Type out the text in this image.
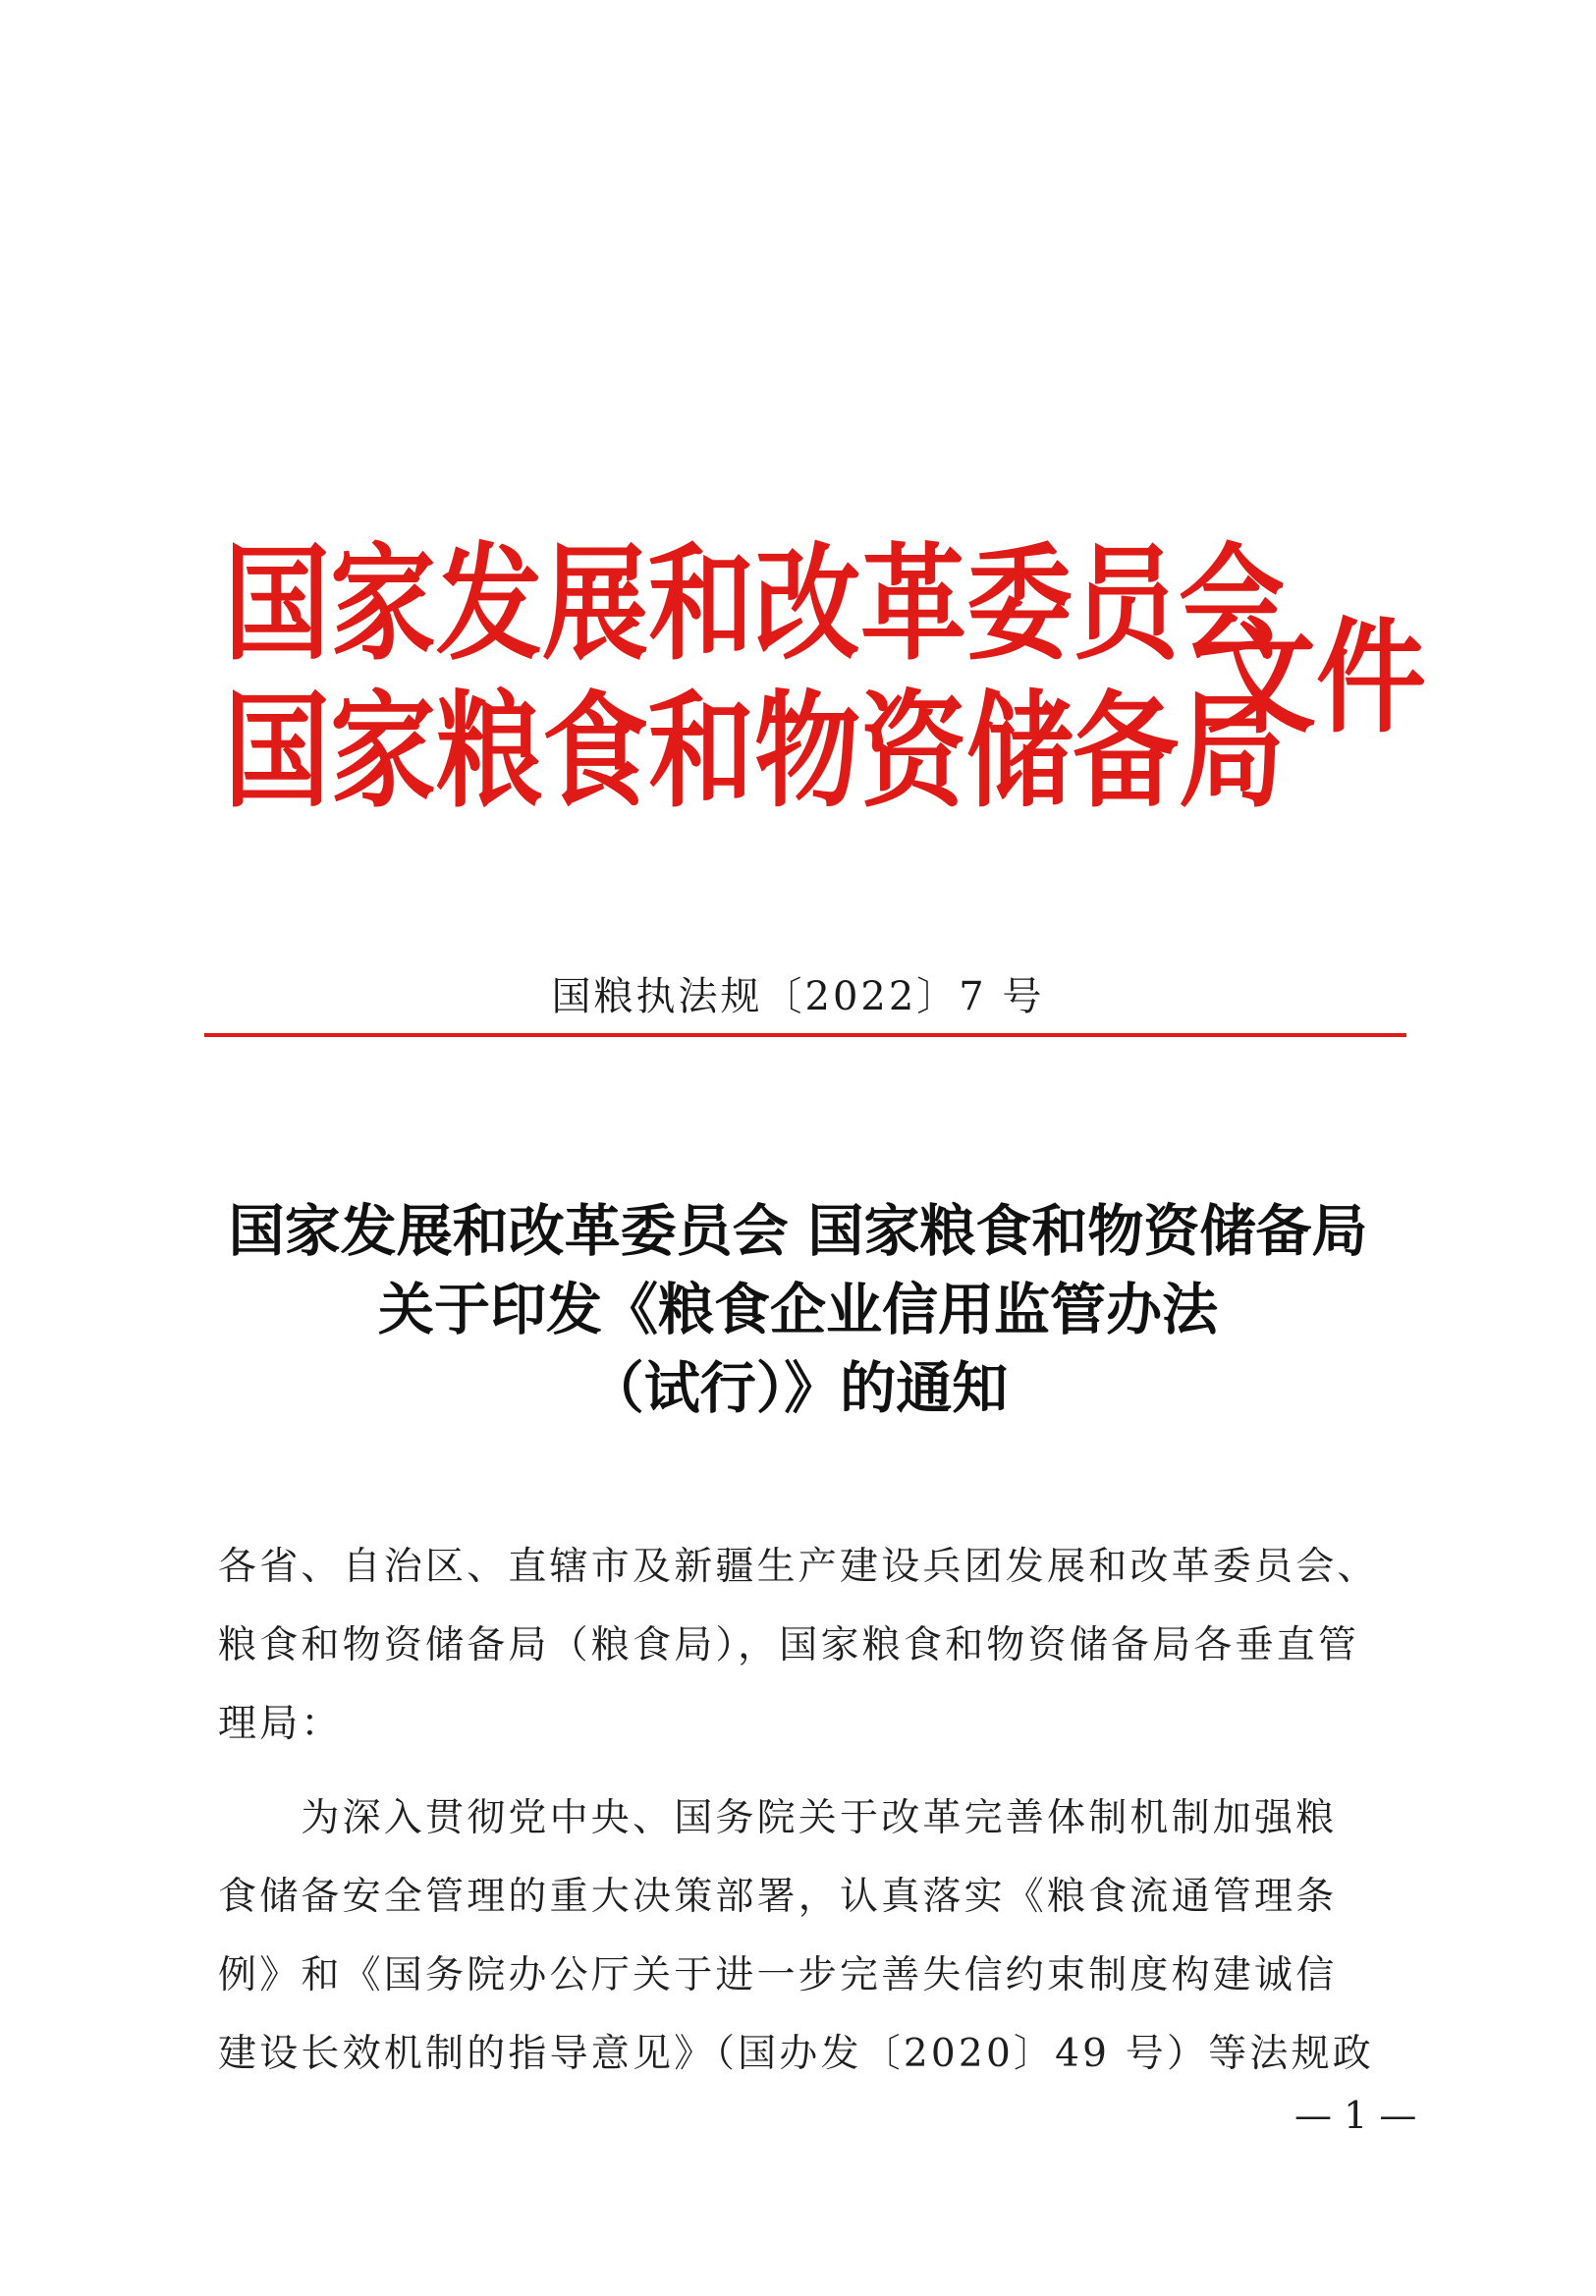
国家发展和改革委员会
国家粮食和物资储备局
文件
国粮执法规〔2022〕7 号
国家发展和改革委员会 国家粮食和物资储备局
关于印发《粮食企业信用监管办法
（试行）》的通知
各省、自治区、直辖市及新疆生产建设兵团发展和改革委员会、
粮食和物资储备局（粮食局），国家粮食和物资储备局各垂直管
理局：
　　为深入贯彻党中央、国务院关于改革完善体制机制加强粮
食储备安全管理的重大决策部署，认真落实《粮食流通管理条
例》和《国务院办公厅关于进一步完善失信约束制度构建诚信
建设长效机制的指导意见》（国办发〔2020〕49 号）等法规政
— 1 —
